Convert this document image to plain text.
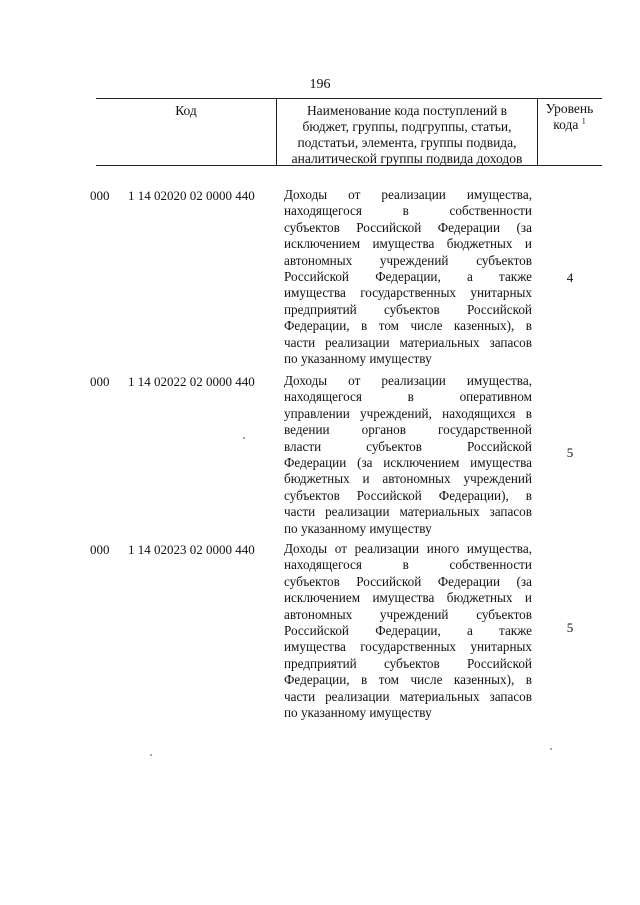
196
Код	Наименование кода поступлений в
бюджет, группы, подгруппы, статьи,
подстатьи, элемента, группы подвида,
аналитической группы подвида доходов
Уровень
кода $^1$
000	1 14 02020 02 0000 440	Доходы от реализации имущества,
находящегося в собственности
субъектов Российской Федерации (за
исключением имущества бюджетных и
автономных учреждений субъектов
Российской Федерации, а также
имущества государственных унитарных
предприятий субъектов Российской
Федерации, в том числе казенных), в
части реализации материальных запасов
по указанному имуществу
4
000	1 14 02022 02 0000 440	Доходы от реализации имущества,
находящегося в оперативном
управлении учреждений, находящихся в
ведении органов государственной
власти субъектов Российской
Федерации (за исключением имущества
бюджетных и автономных учреждений
субъектов Российской Федерации), в
части реализации материальных запасов
по указанному имуществу
5
000	1 14 02023 02 0000 440	Доходы от реализации иного имущества,
находящегося в собственности
субъектов Российской Федерации (за
исключением имущества бюджетных и
автономных учреждений субъектов
Российской Федерации, а также
имущества государственных унитарных
предприятий субъектов Российской
Федерации, в том числе казенных), в
части реализации материальных запасов
по указанному имуществу
5
